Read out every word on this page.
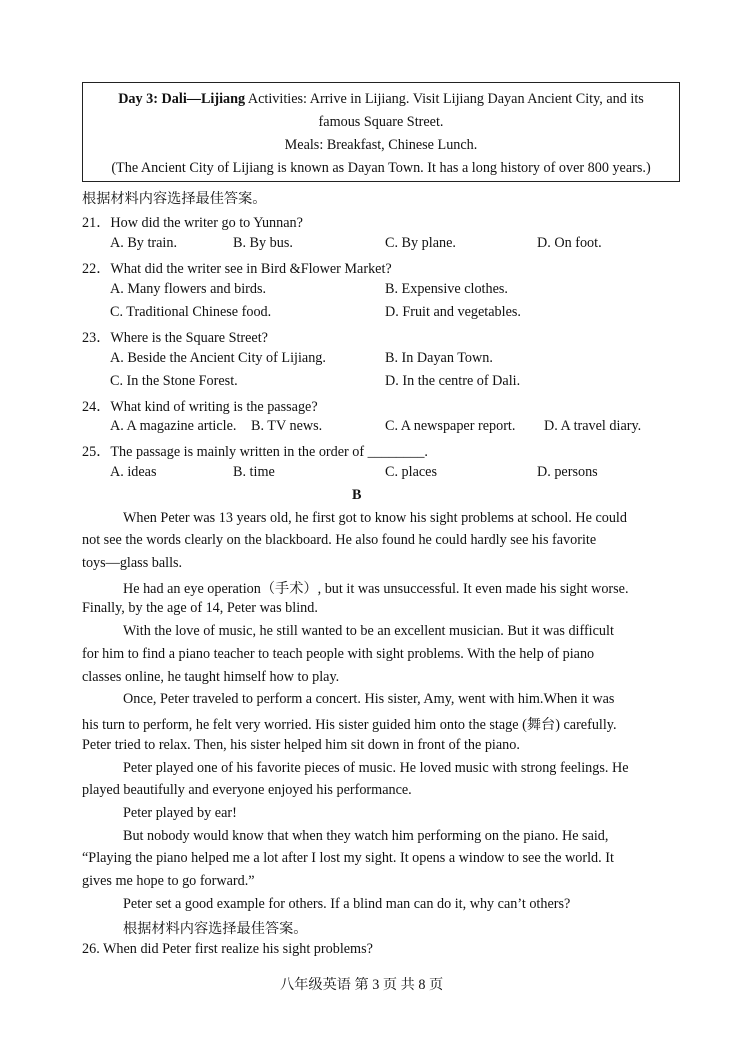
Day 3: Dali—Lijiang Activities: Arrive in Lijiang. Visit Lijiang Dayan Ancient City, and its
famous Square Street.
Meals: Breakfast, Chinese Lunch.
(The Ancient City of Lijiang is known as Dayan Town. It has a long history of over 800 years.)
根据材料内容选择最佳答案。
21．How did the writer go to Yunnan?
A. By train.	B. By bus.	C. By plane.	D. On foot.
22．What did the writer see in Bird &Flower Market?
A. Many flowers and birds.	B. Expensive clothes.
C. Traditional Chinese food.	D. Fruit and vegetables.
23．Where is the Square Street?
A. Beside the Ancient City of Lijiang.	B. In Dayan Town.
C. In the Stone Forest.	D. In the centre of Dali.
24．What kind of writing is the passage?
A. A magazine article. B. TV news.	C. A newspaper report. D. A travel diary.
25．The passage is mainly written in the order of ________.
A. ideas	B. time	C. places	D. persons
B
When Peter was 13 years old, he first got to know his sight problems at school. He could
not see the words clearly on the blackboard. He also found he could hardly see his favorite
toys—glass balls.
He had an eye operation（手术）, but it was unsuccessful. It even made his sight worse.
Finally, by the age of 14, Peter was blind.
With the love of music, he still wanted to be an excellent musician. But it was difficult
for him to find a piano teacher to teach people with sight problems. With the help of piano
classes online, he taught himself how to play.
Once, Peter traveled to perform a concert. His sister, Amy, went with him.When it was
his turn to perform, he felt very worried. His sister guided him onto the stage (舞台) carefully.
Peter tried to relax. Then, his sister helped him sit down in front of the piano.
Peter played one of his favorite pieces of music. He loved music with strong feelings. He
played beautifully and everyone enjoyed his performance.
Peter played by ear!
But nobody would know that when they watch him performing on the piano. He said,
“Playing the piano helped me a lot after I lost my sight. It opens a window to see the world. It
gives me hope to go forward.”
Peter set a good example for others. If a blind man can do it, why can’t others?
根据材料内容选择最佳答案。
26. When did Peter first realize his sight problems?
八年级英语 第 3 页 共 8 页
